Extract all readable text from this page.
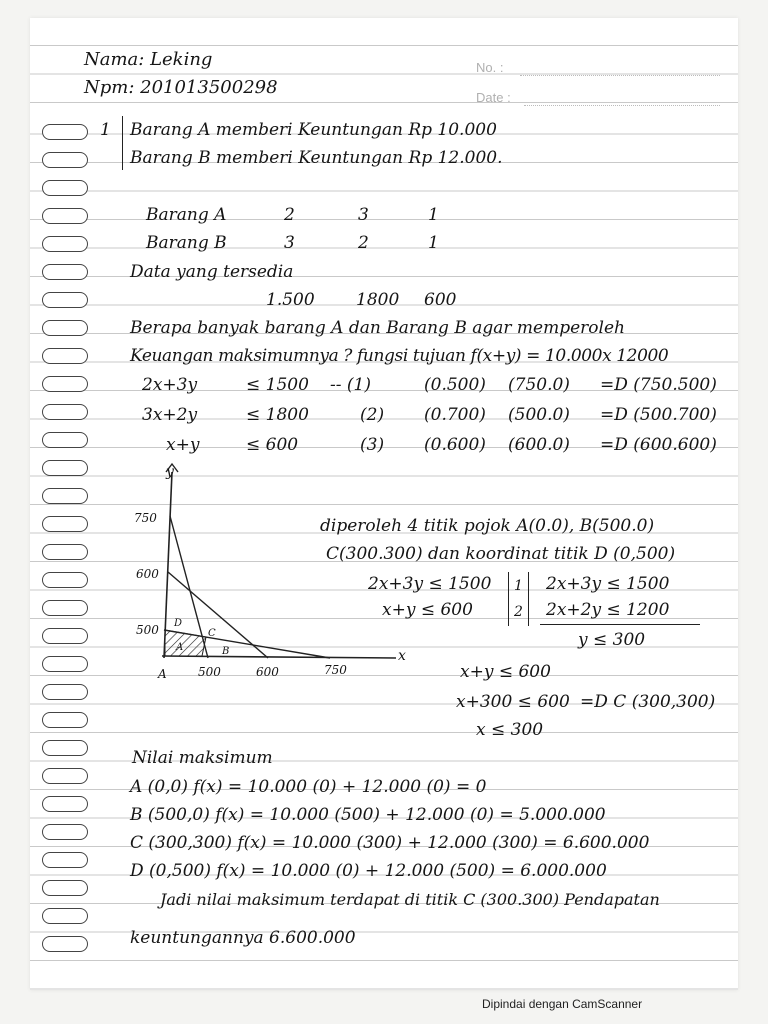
Nama: Leking
Npm: 201013500298
No. :
Date :
1 Barang A memberi Keuntungan Rp 10.000
Barang B memberi Keuntungan Rp 12.000.
Barang A	2	3	1
Barang B	3	2	1
Data yang tersedia
1.500 1800 600
Berapa banyak barang A dan Barang B agar memperoleh
Keuangan maksimumnya ? fungsi tujuan f(x+y) = 10.000x 12000
2x+3y	≤ 1500 -- (1)	(0.500) (750.0) =D (750.500)
3x+2y	≤ 1800	(2) (0.700) (500.0) =D (500.700)
x+y	≤ 600	(3) (0.600) (600.0) =D (600.600)
y
x
750
600
500
500	600	750
A
D
C
B
A
diperoleh 4 titik pojok A(0.0), B(500.0)
C(300.300) dan koordinat titik D (0,500)
2x+3y ≤ 1500
x+y ≤ 600
1
2
2x+3y ≤ 1500
2x+2y ≤ 1200
y ≤ 300
x+y ≤ 600
x+300 ≤ 600 =D C (300,300)
x ≤ 300
Nilai maksimum
A (0,0) f(x) = 10.000 (0) + 12.000 (0) = 0
B (500,0) f(x) = 10.000 (500) + 12.000 (0) = 5.000.000
C (300,300) f(x) = 10.000 (300) + 12.000 (300) = 6.600.000
D (0,500) f(x) = 10.000 (0) + 12.000 (500) = 6.000.000
Jadi nilai maksimum terdapat di titik C (300.300) Pendapatan
keuntungannya 6.600.000
Dipindai dengan CamScanner
